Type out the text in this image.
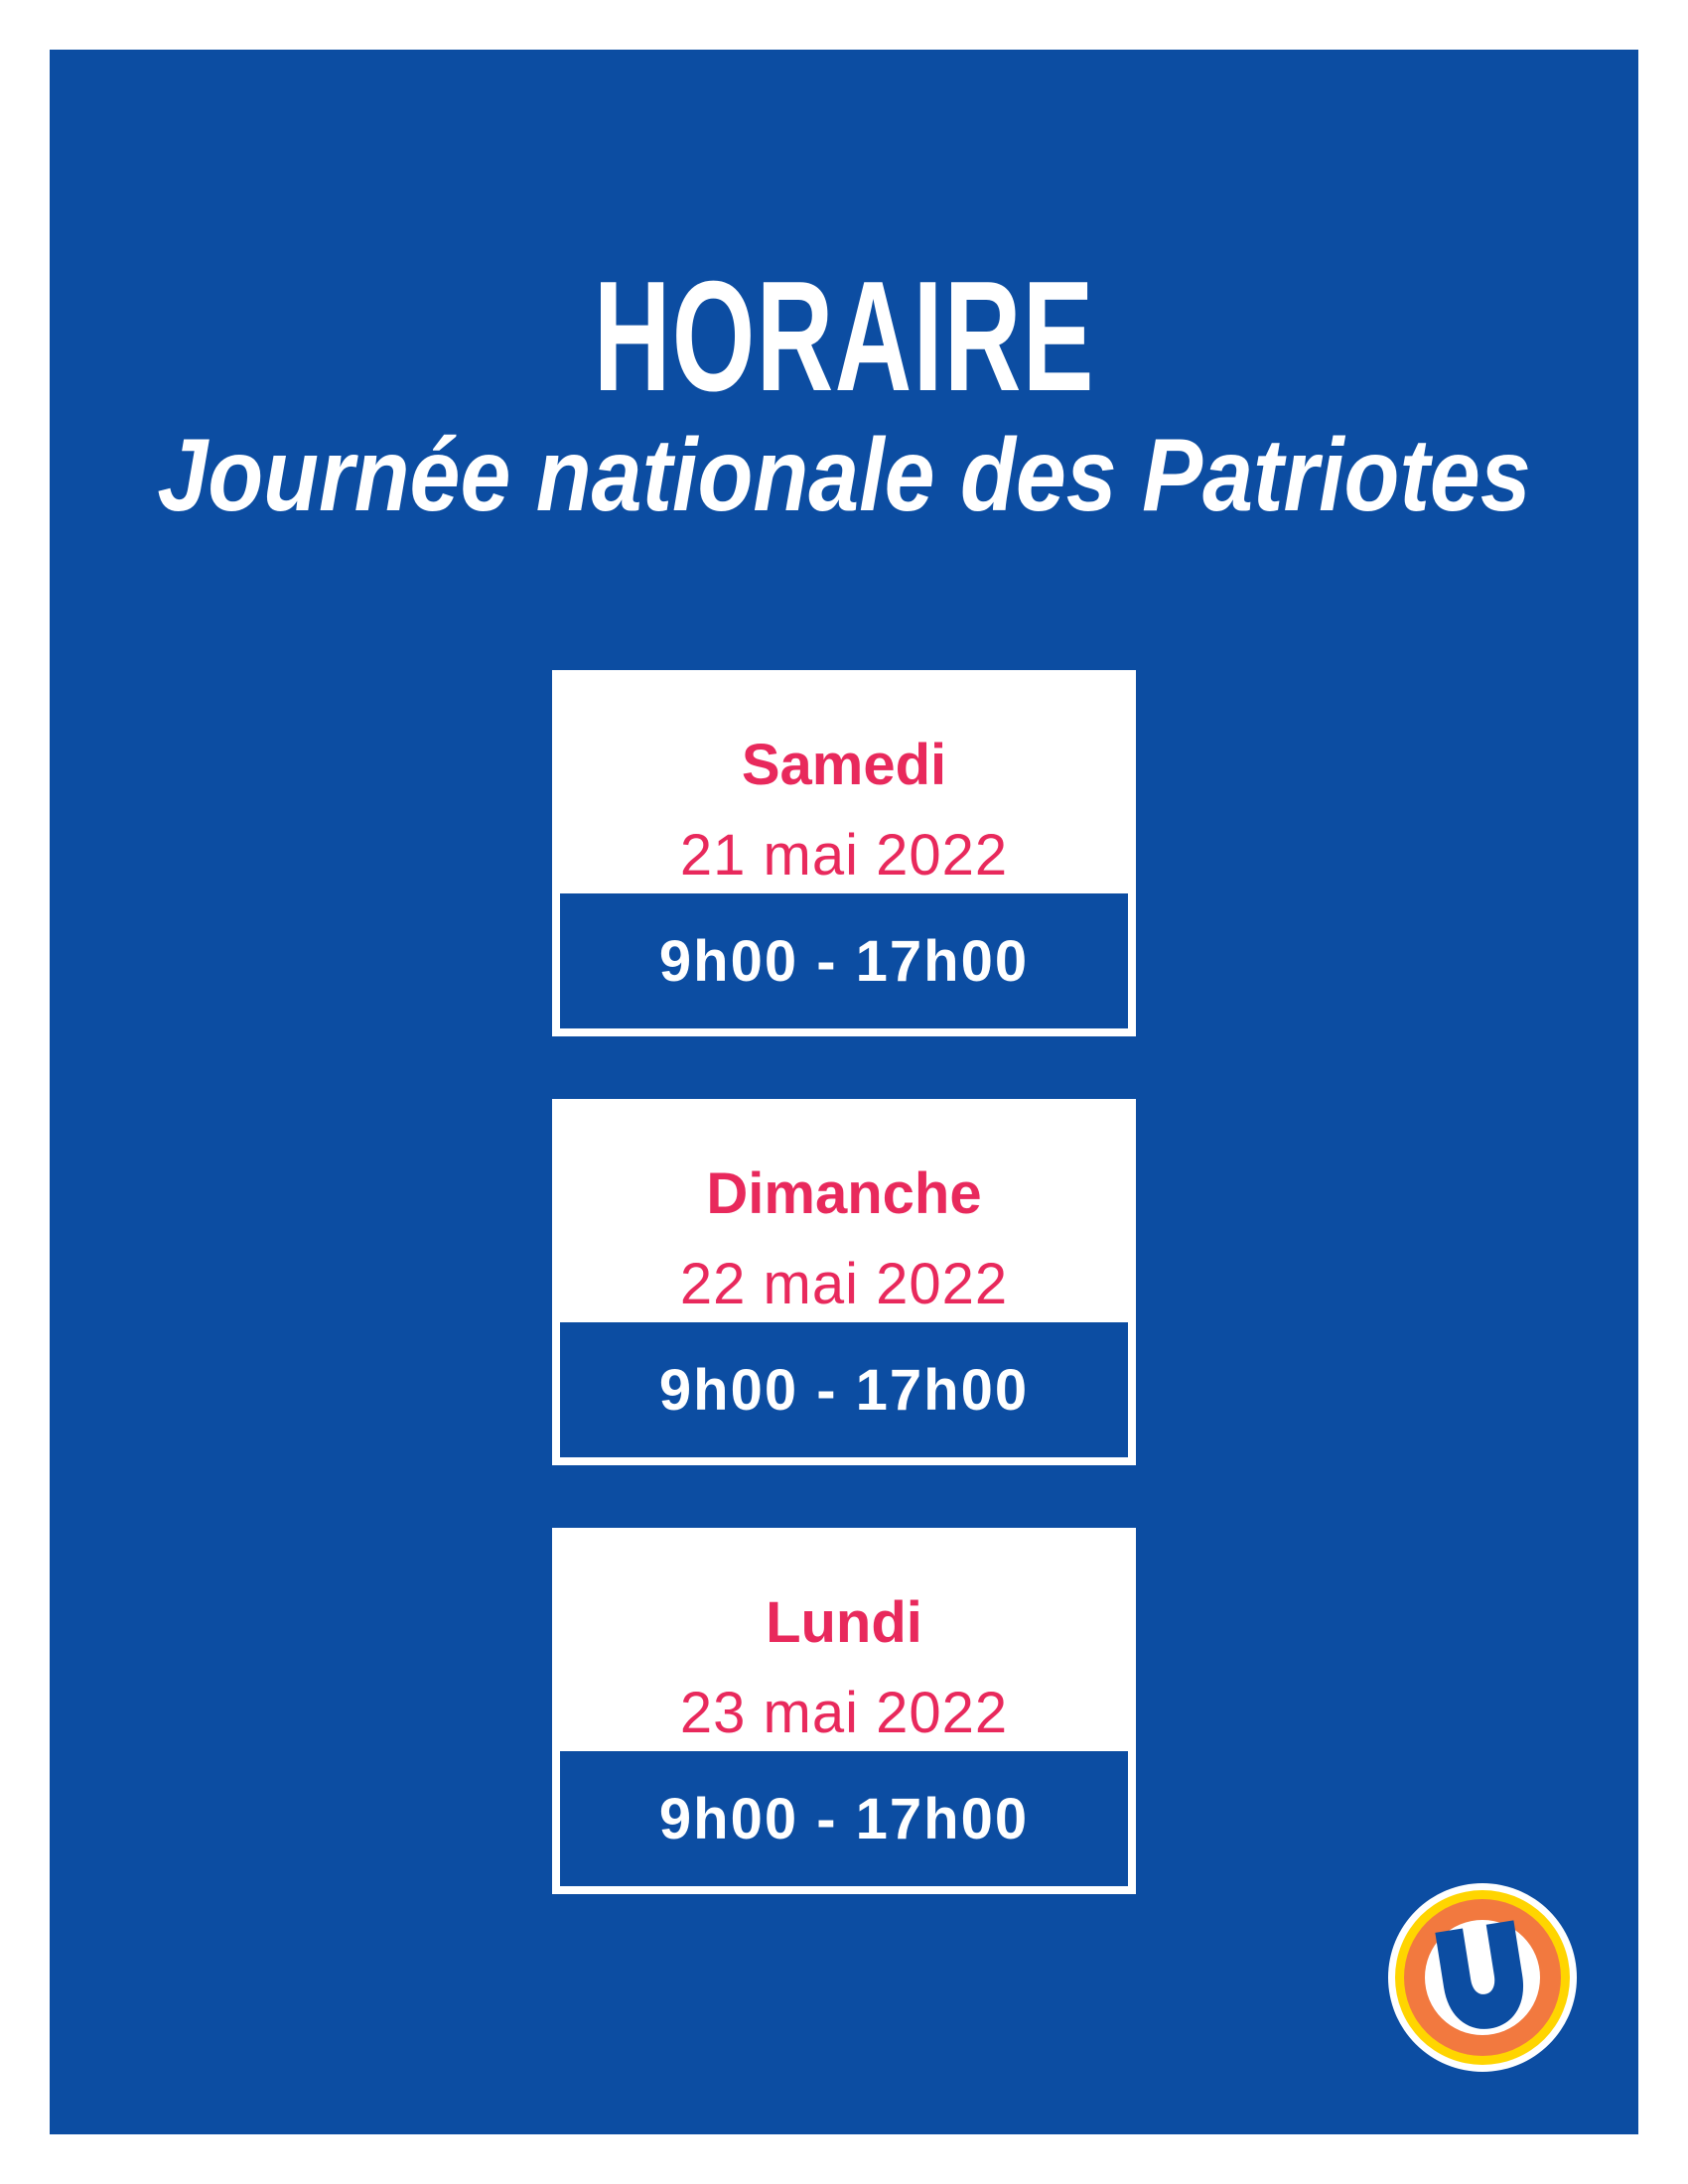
HORAIRE
Journée nationale des Patriotes
Samedi
21 mai 2022
9h00 - 17h00
Dimanche
22 mai 2022
9h00 - 17h00
Lundi
23 mai 2022
9h00 - 17h00
